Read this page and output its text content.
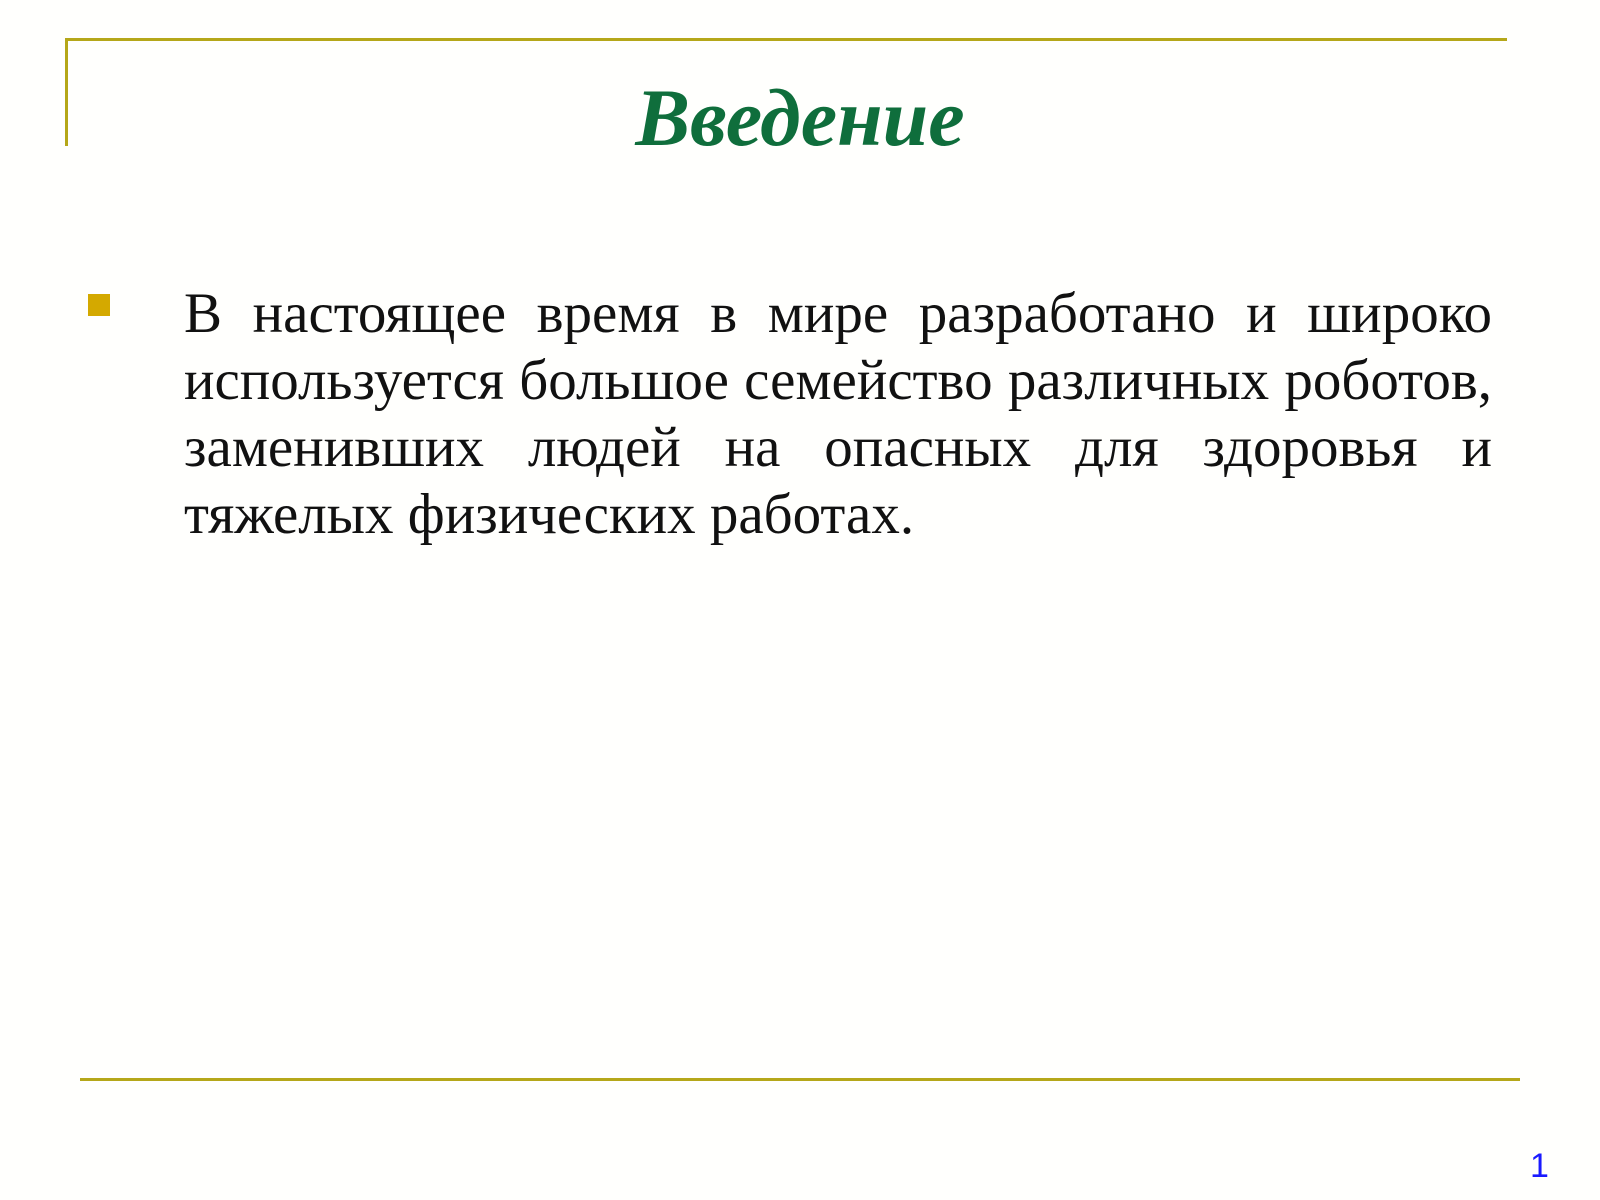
Введение

В настоящее время в мире разработано и широко используется большое семейство различных роботов, заменивших людей на опасных для здоровья и тяжелых физических работах.

1
